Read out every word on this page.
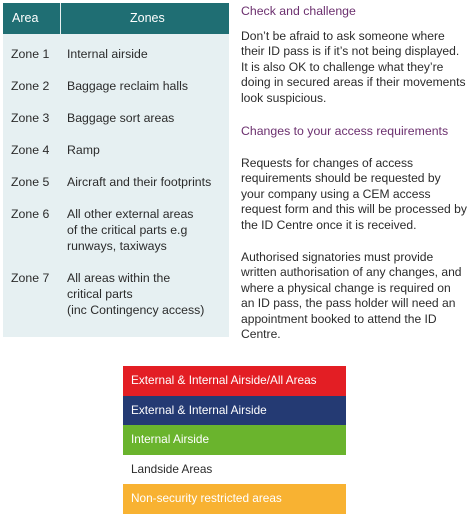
Area	Zones
Zone 1 Internal airside
Zone 2 Baggage reclaim halls
Zone 3 Baggage sort areas
Zone 4 Ramp
Zone 5 Aircraft and their footprints
Zone 6 All other external areas
of the critical parts e.g
runways, taxiways
Zone 7 All areas within the
critical parts
(inc Contingency access)
Check and challenge
Don’t be afraid to ask someone where their ID pass is if it’s not being displayed. It is also OK to challenge what they’re doing in secured areas if their movements look suspicious.
Changes to your access requirements
Requests for changes of access requirements should be requested by your company using a CEM access request form and this will be processed by the ID Centre once it is received.
Authorised signatories must provide written authorisation of any changes, and where a physical change is required on an ID pass, the pass holder will need an appointment booked to attend the ID Centre.
External & Internal Airside/All Areas
External & Internal Airside
Internal Airside
Landside Areas
Non-security restricted areas
